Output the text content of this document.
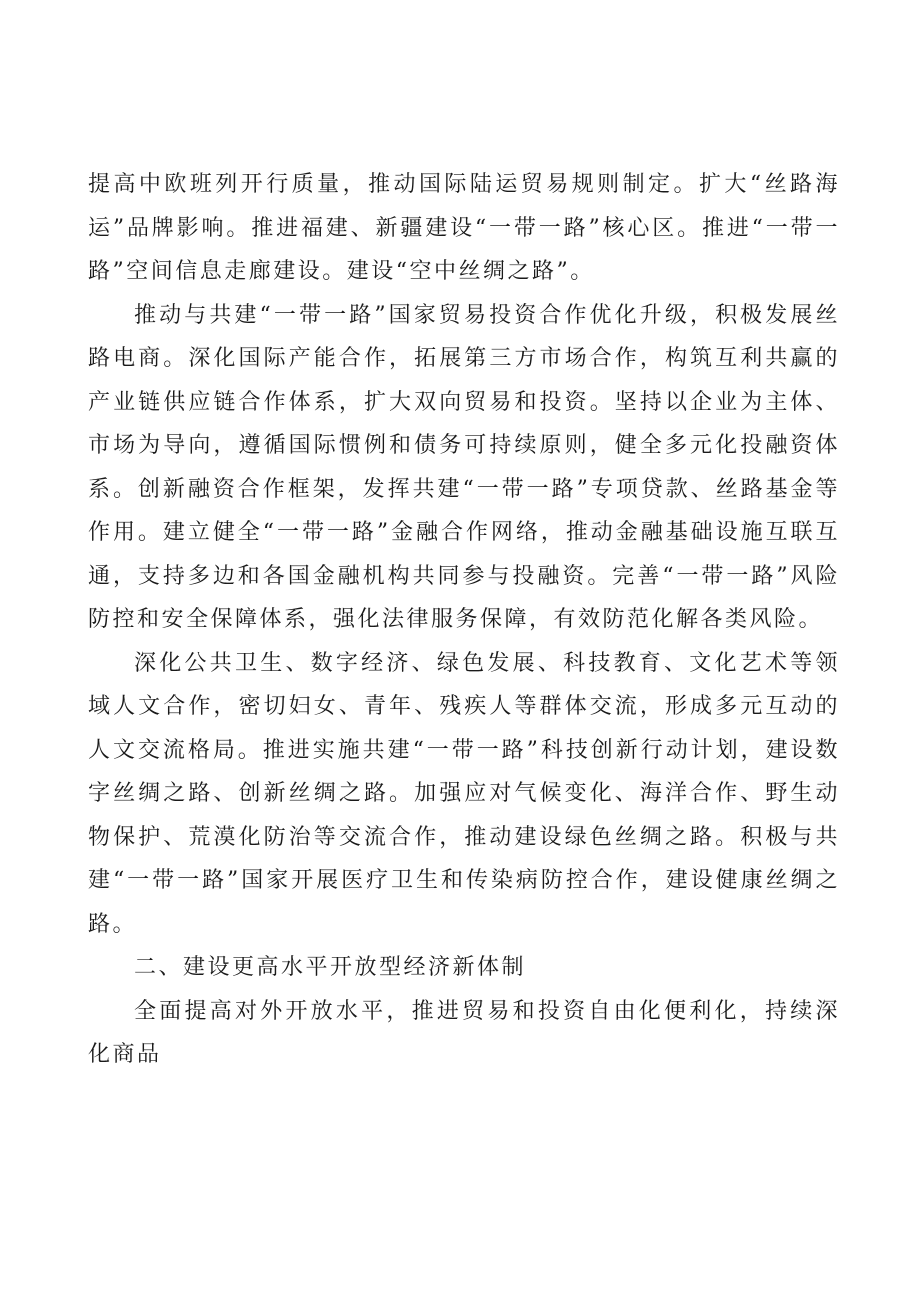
提高中欧班列开行质量，推动国际陆运贸易规则制定。扩大“丝路海运”品牌影响。推进福建、新疆建设“一带一路”核心区。推进“一带一路”空间信息走廊建设。建设“空中丝绸之路”。

推动与共建“一带一路”国家贸易投资合作优化升级，积极发展丝路电商。深化国际产能合作，拓展第三方市场合作，构筑互利共赢的产业链供应链合作体系，扩大双向贸易和投资。坚持以企业为主体、市场为导向，遵循国际惯例和债务可持续原则，健全多元化投融资体系。创新融资合作框架，发挥共建“一带一路”专项贷款、丝路基金等作用。建立健全“一带一路”金融合作网络，推动金融基础设施互联互通，支持多边和各国金融机构共同参与投融资。完善“一带一路”风险防控和安全保障体系，强化法律服务保障，有效防范化解各类风险。

深化公共卫生、数字经济、绿色发展、科技教育、文化艺术等领域人文合作，密切妇女、青年、残疾人等群体交流，形成多元互动的人文交流格局。推进实施共建“一带一路”科技创新行动计划，建设数字丝绸之路、创新丝绸之路。加强应对气候变化、海洋合作、野生动物保护、荒漠化防治等交流合作，推动建设绿色丝绸之路。积极与共建“一带一路”国家开展医疗卫生和传染病防控合作，建设健康丝绸之路。

二、建设更高水平开放型经济新体制

全面提高对外开放水平，推进贸易和投资自由化便利化，持续深化商品
